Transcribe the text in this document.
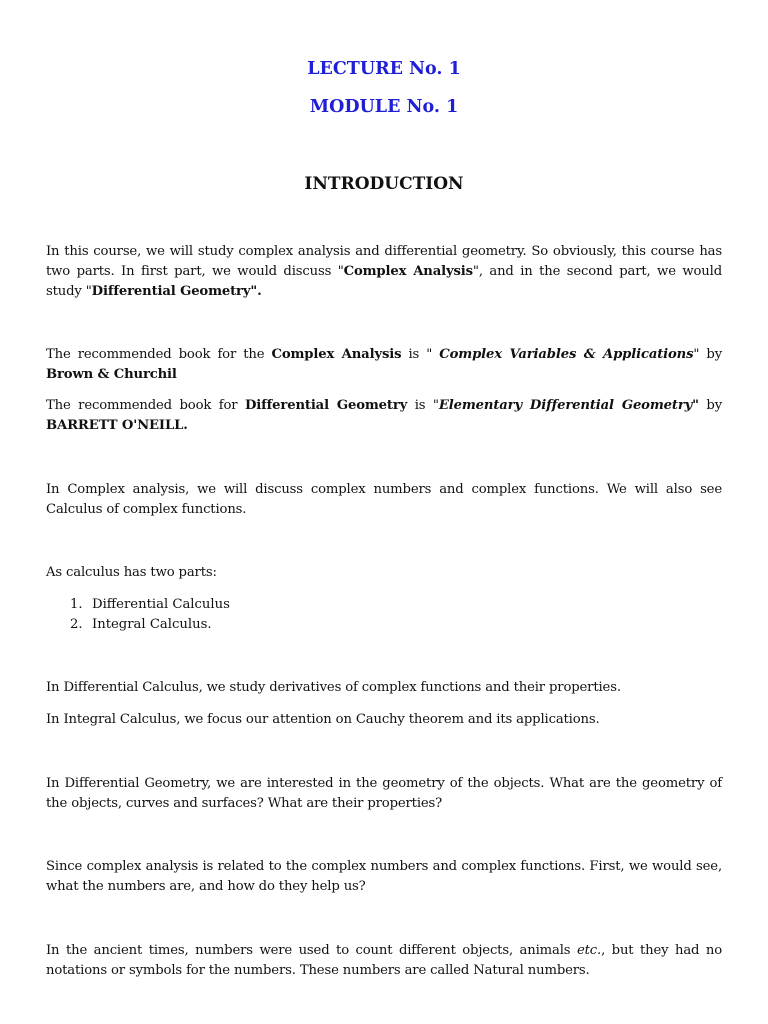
LECTURE No. 1

MODULE No. 1

INTRODUCTION

In this course, we will study complex analysis and differential geometry. So obviously, this course has two parts. In first part, we would discuss "Complex Analysis", and in the second part, we would study "Differential Geometry".

The recommended book for the Complex Analysis is " Complex Variables & Applications" by Brown & Churchil

The recommended book for Differential Geometry is "Elementary Differential Geometry" by BARRETT O'NEILL.

In Complex analysis, we will discuss complex numbers and complex functions. We will also see Calculus of complex functions.

As calculus has two parts:

1. Differential Calculus
2. Integral Calculus.

In Differential Calculus, we study derivatives of complex functions and their properties.

In Integral Calculus, we focus our attention on Cauchy theorem and its applications.

In Differential Geometry, we are interested in the geometry of the objects. What are the geometry of the objects, curves and surfaces? What are their properties?

Since complex analysis is related to the complex numbers and complex functions. First, we would see, what the numbers are, and how do they help us?

In the ancient times, numbers were used to count different objects, animals etc., but they had no notations or symbols for the numbers. These numbers are called Natural numbers.
